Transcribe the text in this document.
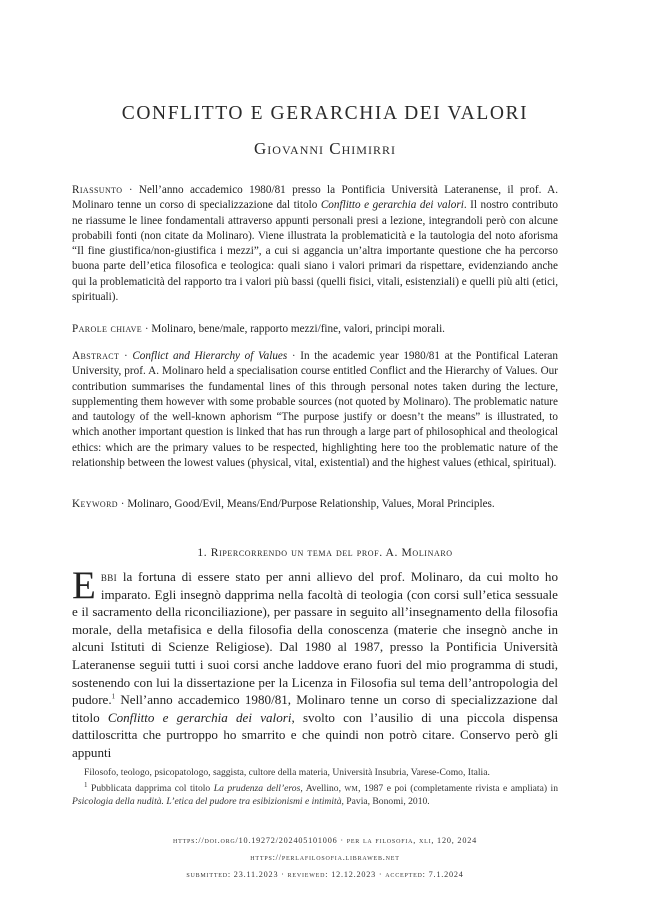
CONFLITTO E GERARCHIA DEI VALORI
Giovanni Chimirri
Riassunto · Nell’anno accademico 1980/81 presso la Pontificia Università Lateranense, il prof. A. Molinaro tenne un corso di specializzazione dal titolo Conflitto e gerarchia dei valori. Il nostro contributo ne riassume le linee fondamentali attraverso appunti personali presi a lezione, integrandoli però con alcune probabili fonti (non citate da Molinaro). Viene illustrata la problematicità e la tautologia del noto aforisma “Il fine giustifica/non-giustifica i mezzi”, a cui si aggancia un’altra importante questione che ha percorso buona parte dell’etica filosofica e teologica: quali siano i valori primari da rispettare, evidenziando anche qui la problematicità del rapporto tra i valori più bassi (quelli fisici, vitali, esistenziali) e quelli più alti (etici, spirituali).
Parole chiave · Molinaro, bene/male, rapporto mezzi/fine, valori, principi morali.
Abstract · Conflict and Hierarchy of Values · In the academic year 1980/81 at the Pontifical Lateran University, prof. A. Molinaro held a specialisation course entitled Conflict and the Hierarchy of Values. Our contribution summarises the fundamental lines of this through personal notes taken during the lecture, supplementing them however with some probable sources (not quoted by Molinaro). The problematic nature and tautology of the well-known aphorism “The purpose justify or doesn’t the means” is illustrated, to which another important question is linked that has run through a large part of philosophical and theological ethics: which are the primary values to be respected, highlighting here too the problematic nature of the relationship between the lowest values (physical, vital, existential) and the highest values (ethical, spiritual).
Keyword · Molinaro, Good/Evil, Means/End/Purpose Relationship, Values, Moral Principles.
1. Ripercorrendo un tema del prof. A. Molinaro
Ebbi la fortuna di essere stato per anni allievo del prof. Molinaro, da cui molto ho imparato. Egli insegnò dapprima nella facoltà di teologia (con corsi sull’etica sessuale e il sacramento della riconciliazione), per passare in seguito all’insegnamento della filosofia morale, della metafisica e della filosofia della conoscenza (materie che insegnò anche in alcuni Istituti di Scienze Religiose). Dal 1980 al 1987, presso la Pontificia Università Lateranense seguii tutti i suoi corsi anche laddove erano fuori del mio programma di studi, sostenendo con lui la dissertazione per la Licenza in Filosofia sul tema dell’antropologia del pudore.$^1$ Nell’anno accademico 1980/81, Molinaro tenne un corso di specializzazione dal titolo Conflitto e gerarchia dei valori, svolto con l’ausilio di una piccola dispensa dattiloscritta che purtroppo ho smarrito e che quindi non potrò citare. Conservo però gli appunti
Filosofo, teologo, psicopatologo, saggista, cultore della materia, Università Insubria, Varese-Como, Italia.
$^1$ Pubblicata dapprima col titolo La prudenza dell’eros, Avellino, wm, 1987 e poi (completamente rivista e ampliata) in Psicologia della nudità. L’etica del pudore tra esibizionismi e intimità, Pavia, Bonomi, 2010.
https://doi.org/10.19272/202405101006 · per la filosofia, xli, 120, 2024
https://perlafilosofia.libraweb.net
submitted: 23.11.2023 · reviewed: 12.12.2023 · accepted: 7.1.2024
